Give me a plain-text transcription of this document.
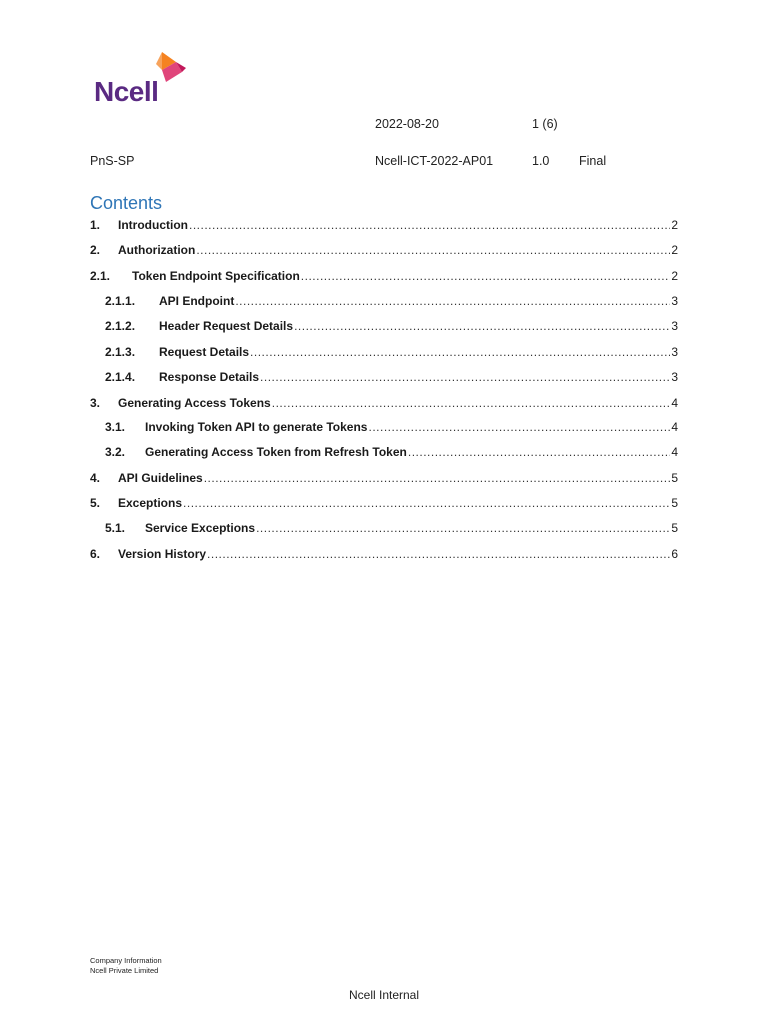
Ncell
2022-08-20	1 (6)
PnS-SP	Ncell-ICT-2022-AP01	1.0 Final
Contents
1.	Introduction .....	2
2.	Authorization .....	2
2.1.	Token Endpoint Specification .....	2
2.1.1.	API Endpoint .....	3
2.1.2.	Header Request Details .....	3
2.1.3.	Request Details .....	3
2.1.4.	Response Details .....	3
3.	Generating Access Tokens .....	4
3.1.	Invoking Token API to generate Tokens .....	4
3.2.	Generating Access Token from Refresh Token .....	4
4.	API Guidelines .....	5
5.	Exceptions .....	5
5.1.	Service Exceptions .....	5
6.	Version History .....	6
Company Information
Ncell Private Limited
Ncell Internal
